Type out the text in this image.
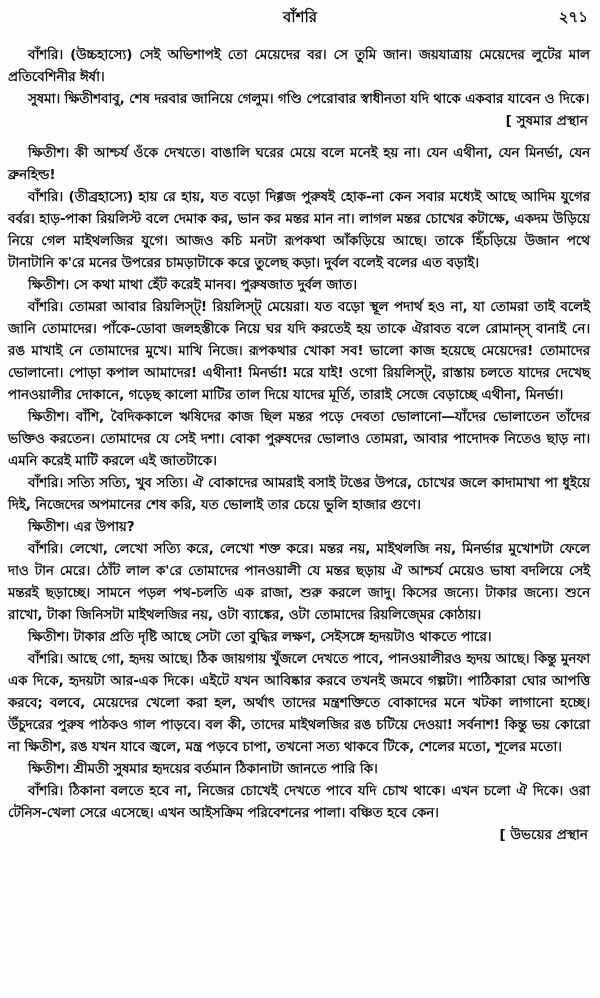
বাঁশরি	২৭১

বাঁশরি। (উচ্চহাস্যে) সেই অভিশাপই তো মেয়েদের বর। সে তুমি জান। জয়যাত্রায় মেয়েদের লুটের মাল প্রতিবেশিনীর ঈর্ষা।

সুষমা। ক্ষিতীশবাবু, শেষ দরবার জানিয়ে গেলুম। গণ্ডি পেরোবার স্বাধীনতা যদি থাকে একবার যাবেন ও দিকে।

[ সুষমার প্রস্থান

ক্ষিতীশ। কী আশ্চর্য ওঁকে দেখতে। বাঙালি ঘরের মেয়ে বলে মনেই হয় না। যেন এথীনা, যেন মিনর্ভা, যেন ব্রুনহিল্ড!

বাঁশরি। (তীব্রহাস্যে) হায় রে হায়, যত বড়ো দিগ্গজ পুরুষই হোক-না কেন সবার মধ্যেই আছে আদিম যুগের বর্বর। হাড়-পাকা রিয়লিস্ট বলে দেমাক কর, ভান কর মন্তর মান না। লাগল মন্তর চোখের কটাক্ষে, একদম উড়িয়ে নিয়ে গেল মাইথলজির যুগে। আজও কচি মনটা রূপকথা আঁকড়িয়ে আছে। তাকে হিঁচড়িয়ে উজান পথে টানাটানি ক'রে মনের উপরের চামড়াটাকে করে তুলেছ কড়া। দুর্বল বলেই বলের এত বড়াই।

ক্ষিতীশ। সে কথা মাথা হেঁট করেই মানব। পুরুষজাত দুর্বল জাত।

বাঁশরি। তোমরা আবার রিয়লিস্ট্! রিয়লিস্ট্ মেয়েরা। যত বড়ো স্থূল পদার্থ হও না, যা তোমরা তাই বলেই জানি তোমাদের। পাঁকে-ডোবা জলহস্তীকে নিয়ে ঘর যদি করতেই হয় তাকে ঐরাবত বলে রোমান্স্ বানাই নে। রঙ মাখাই নে তোমাদের মুখে। মাখি নিজে। রূপকথার খোকা সব! ভালো কাজ হয়েছে মেয়েদের! তোমাদের ভোলানো। পোড়া কপাল আমাদের! এথীনা! মিনর্ভা! মরে যাই! ওগো রিয়লিস্ট্, রাস্তায় চলতে যাদের দেখেছ পানওয়ালীর দোকানে, গড়েছ কালো মাটির তাল দিয়ে যাদের মূর্তি, তারাই সেজে বেড়াচ্ছে এথীনা, মিনর্ভা।

ক্ষিতীশ। বাঁশি, বৈদিককালে ঋষিদের কাজ ছিল মন্তর পড়ে দেবতা ভোলানো—যাঁদের ভোলাতেন তাঁদের ভক্তিও করতেন। তোমাদের যে সেই দশা। বোকা পুরুষদের ভোলাও তোমরা, আবার পাদোদক নিতেও ছাড় না। এমনি করেই মাটি করলে এই জাতটাকে।

বাঁশরি। সত্যি সত্যি, খুব সত্যি। ঐ বোকাদের আমরাই বসাই টঙের উপরে, চোখের জলে কাদামাখা পা ধুইয়ে দিই, নিজেদের অপমানের শেষ করি, যত ভোলাই তার চেয়ে ভুলি হাজার গুণে।

ক্ষিতীশ। এর উপায়?

বাঁশরি। লেখো, লেখো সত্যি করে, লেখো শক্ত করে। মন্তর নয়, মাইথলজি নয়, মিনর্ভার মুখোশটা ফেলে দাও টান মেরে। ঠোঁট লাল ক'রে তোমাদের পানওয়ালী যে মন্তর ছড়ায় ঐ আশ্চর্য মেয়েও ভাষা বদলিয়ে সেই মন্তরই ছড়াচ্ছে। সামনে পড়ল পথ-চলতি এক রাজা, শুরু করলে জাদু। কিসের জন্যে। টাকার জন্যে। শুনে রাখো, টাকা জিনিসটা মাইথলজির নয়, ওটা ব্যাঙ্কের, ওটা তোমাদের রিয়লিজ্মের কোঠায়।

ক্ষিতীশ। টাকার প্রতি দৃষ্টি আছে সেটা তো বুদ্ধির লক্ষণ, সেইসঙ্গে হৃদয়টাও থাকতে পারে।

বাঁশরি। আছে গো, হৃদয় আছে। ঠিক জায়গায় খুঁজলে দেখতে পাবে, পানওয়ালীরও হৃদয় আছে। কিন্তু মুনফা এক দিকে, হৃদয়টা আর-এক দিকে। এইটে যখন আবিষ্কার করবে তখনই জমবে গল্পটা। পাঠিকারা ঘোর আপত্তি করবে; বলবে, মেয়েদের খেলো করা হল, অর্থাৎ তাদের মন্ত্রশক্তিতে বোকাদের মনে খটকা লাগানো হচ্ছে। উঁচুদরের পুরুষ পাঠকও গাল পাড়বে। বল কী, তাদের মাইথলজির রঙ চটিয়ে দেওয়া! সর্বনাশ! কিন্তু ভয় কোরো না ক্ষিতীশ, রঙ যখন যাবে জ্বলে, মন্ত্র পড়বে চাপা, তখনো সত্য থাকবে টিকে, শেলের মতো, শূলের মতো।

ক্ষিতীশ। শ্রীমতী সুষমার হৃদয়ের বর্তমান ঠিকানাটা জানতে পারি কি।

বাঁশরি। ঠিকানা বলতে হবে না, নিজের চোখেই দেখতে পাবে যদি চোখ থাকে। এখন চলো ঐ দিকে। ওরা টেনিস-খেলা সেরে এসেছে। এখন আইসক্রিম পরিবেশনের পালা। বঞ্চিত হবে কেন।

[ উভয়ের প্রস্থান
